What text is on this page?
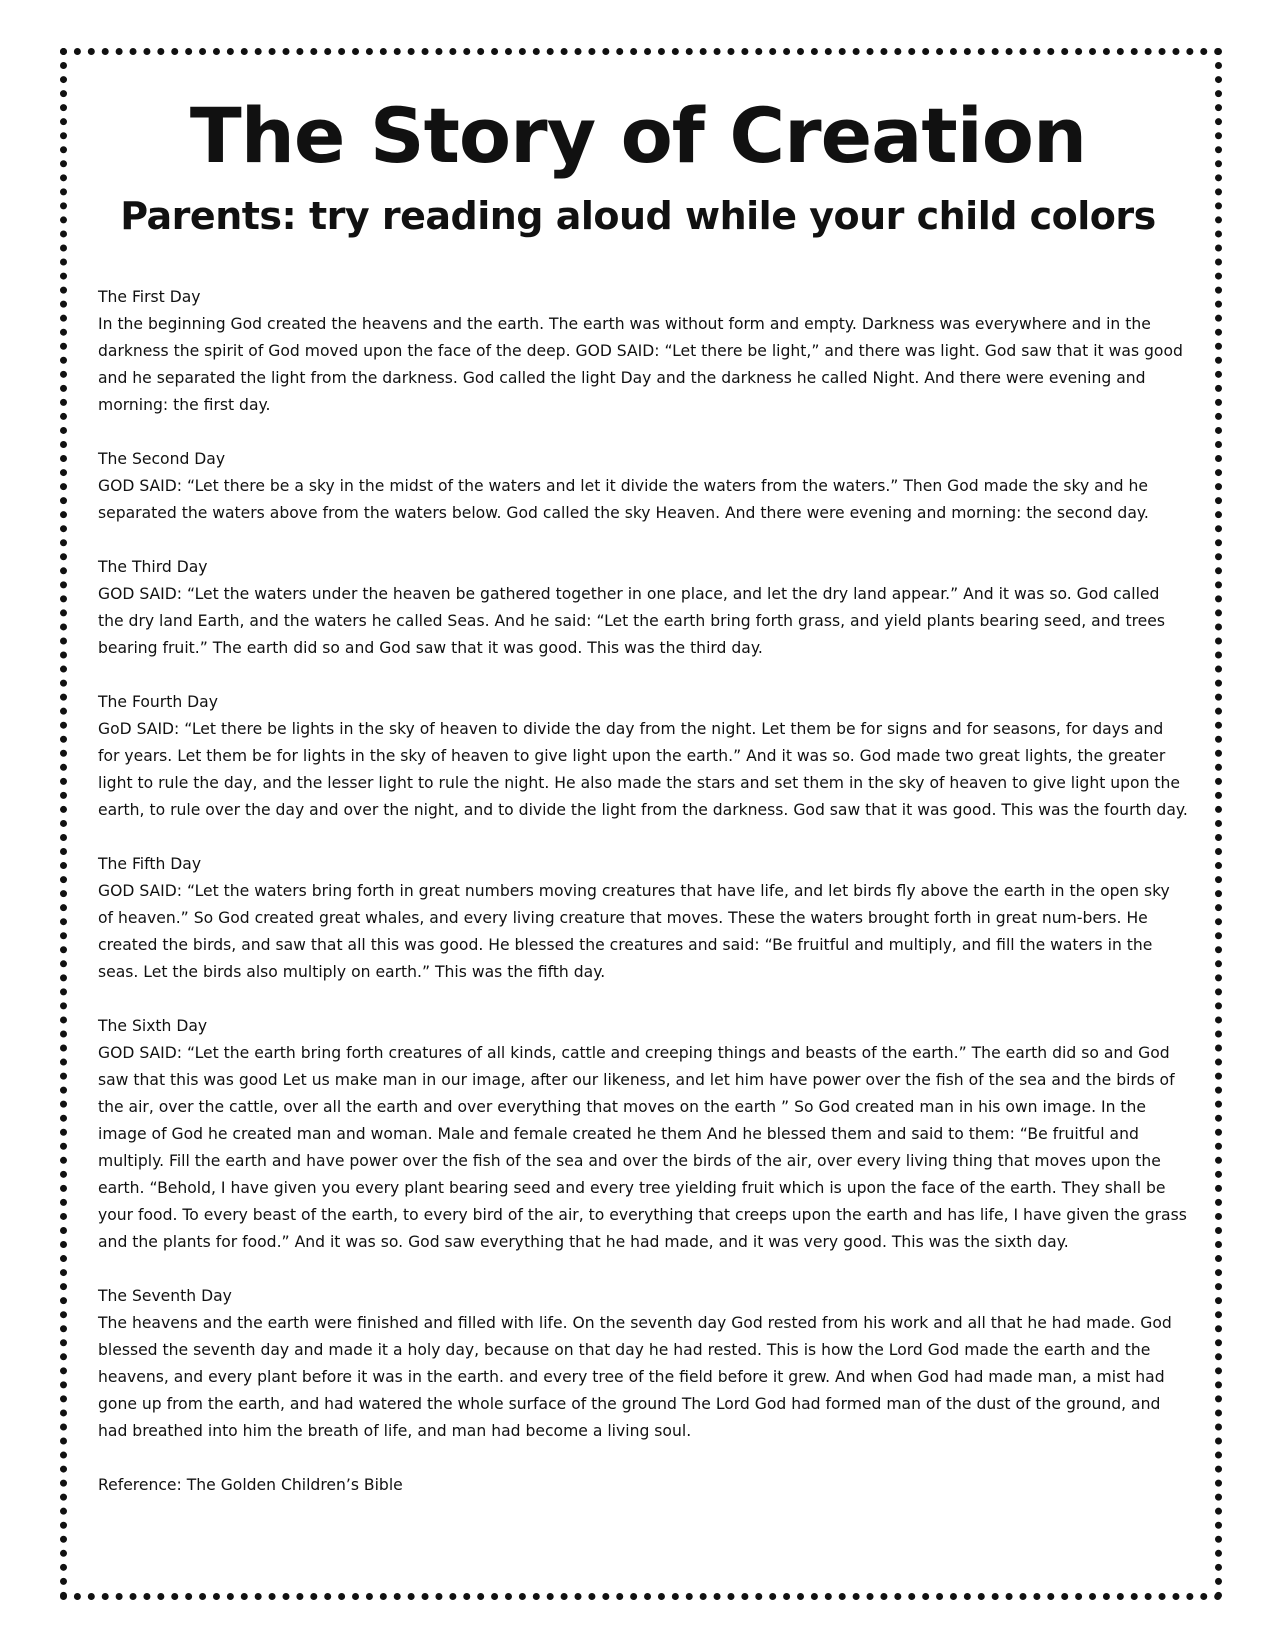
The Story of Creation
Parents: try reading aloud while your child colors
The First Day

In the beginning God created the heavens and the earth. The earth was without form and empty. Darkness was everywhere and in the darkness the spirit of God moved upon the face of the deep. GOD SAID: “Let there be light,” and there was light. God saw that it was good and he separated the light from the darkness. God called the light Day and the darkness he called Night. And there were evening and morning: the first day.

The Second Day

GOD SAID: “Let there be a sky in the midst of the waters and let it divide the waters from the waters.” Then God made the sky and he separated the waters above from the waters below. God called the sky Heaven. And there were evening and morning: the second day.

The Third Day

GOD SAID: “Let the waters under the heaven be gathered together in one place, and let the dry land appear.” And it was so. God called the dry land Earth, and the waters he called Seas. And he said: “Let the earth bring forth grass, and yield plants bearing seed, and trees bearing fruit.” The earth did so and God saw that it was good. This was the third day.

The Fourth Day

GoD SAID: “Let there be lights in the sky of heaven to divide the day from the night. Let them be for signs and for seasons, for days and for years. Let them be for lights in the sky of heaven to give light upon the earth.” And it was so. God made two great lights, the greater light to rule the day, and the lesser light to rule the night. He also made the stars and set them in the sky of heaven to give light upon the earth, to rule over the day and over the night, and to divide the light from the darkness. God saw that it was good. This was the fourth day.

The Fifth Day

GOD SAID: “Let the waters bring forth in great numbers moving creatures that have life, and let birds fly above the earth in the open sky of heaven.” So God created great whales, and every living creature that moves. These the waters brought forth in great num-bers. He created the birds, and saw that all this was good. He blessed the creatures and said: “Be fruitful and multiply, and fill the waters in the seas. Let the birds also multiply on earth.” This was the fifth day.

The Sixth Day

GOD SAID: “Let the earth bring forth creatures of all kinds, cattle and creeping things and beasts of the earth.” The earth did so and God saw that this was good Let us make man in our image, after our likeness, and let him have power over the fish of the sea and the birds of the air, over the cattle, over all the earth and over everything that moves on the earth ” So God created man in his own image. In the image of God he created man and woman. Male and female created he them And he blessed them and said to them: “Be fruitful and multiply. Fill the earth and have power over the fish of the sea and over the birds of the air, over every living thing that moves upon the earth. “Behold, I have given you every plant bearing seed and every tree yielding fruit which is upon the face of the earth. They shall be your food. To every beast of the earth, to every bird of the air, to everything that creeps upon the earth and has life, I have given the grass and the plants for food.” And it was so. God saw everything that he had made, and it was very good. This was the sixth day.

The Seventh Day

The heavens and the earth were finished and filled with life. On the seventh day God rested from his work and all that he had made. God blessed the seventh day and made it a holy day, because on that day he had rested. This is how the Lord God made the earth and the heavens, and every plant before it was in the earth. and every tree of the field before it grew. And when God had made man, a mist had gone up from the earth, and had watered the whole surface of the ground The Lord God had formed man of the dust of the ground, and had breathed into him the breath of life, and man had become a living soul.

Reference: The Golden Children’s Bible
